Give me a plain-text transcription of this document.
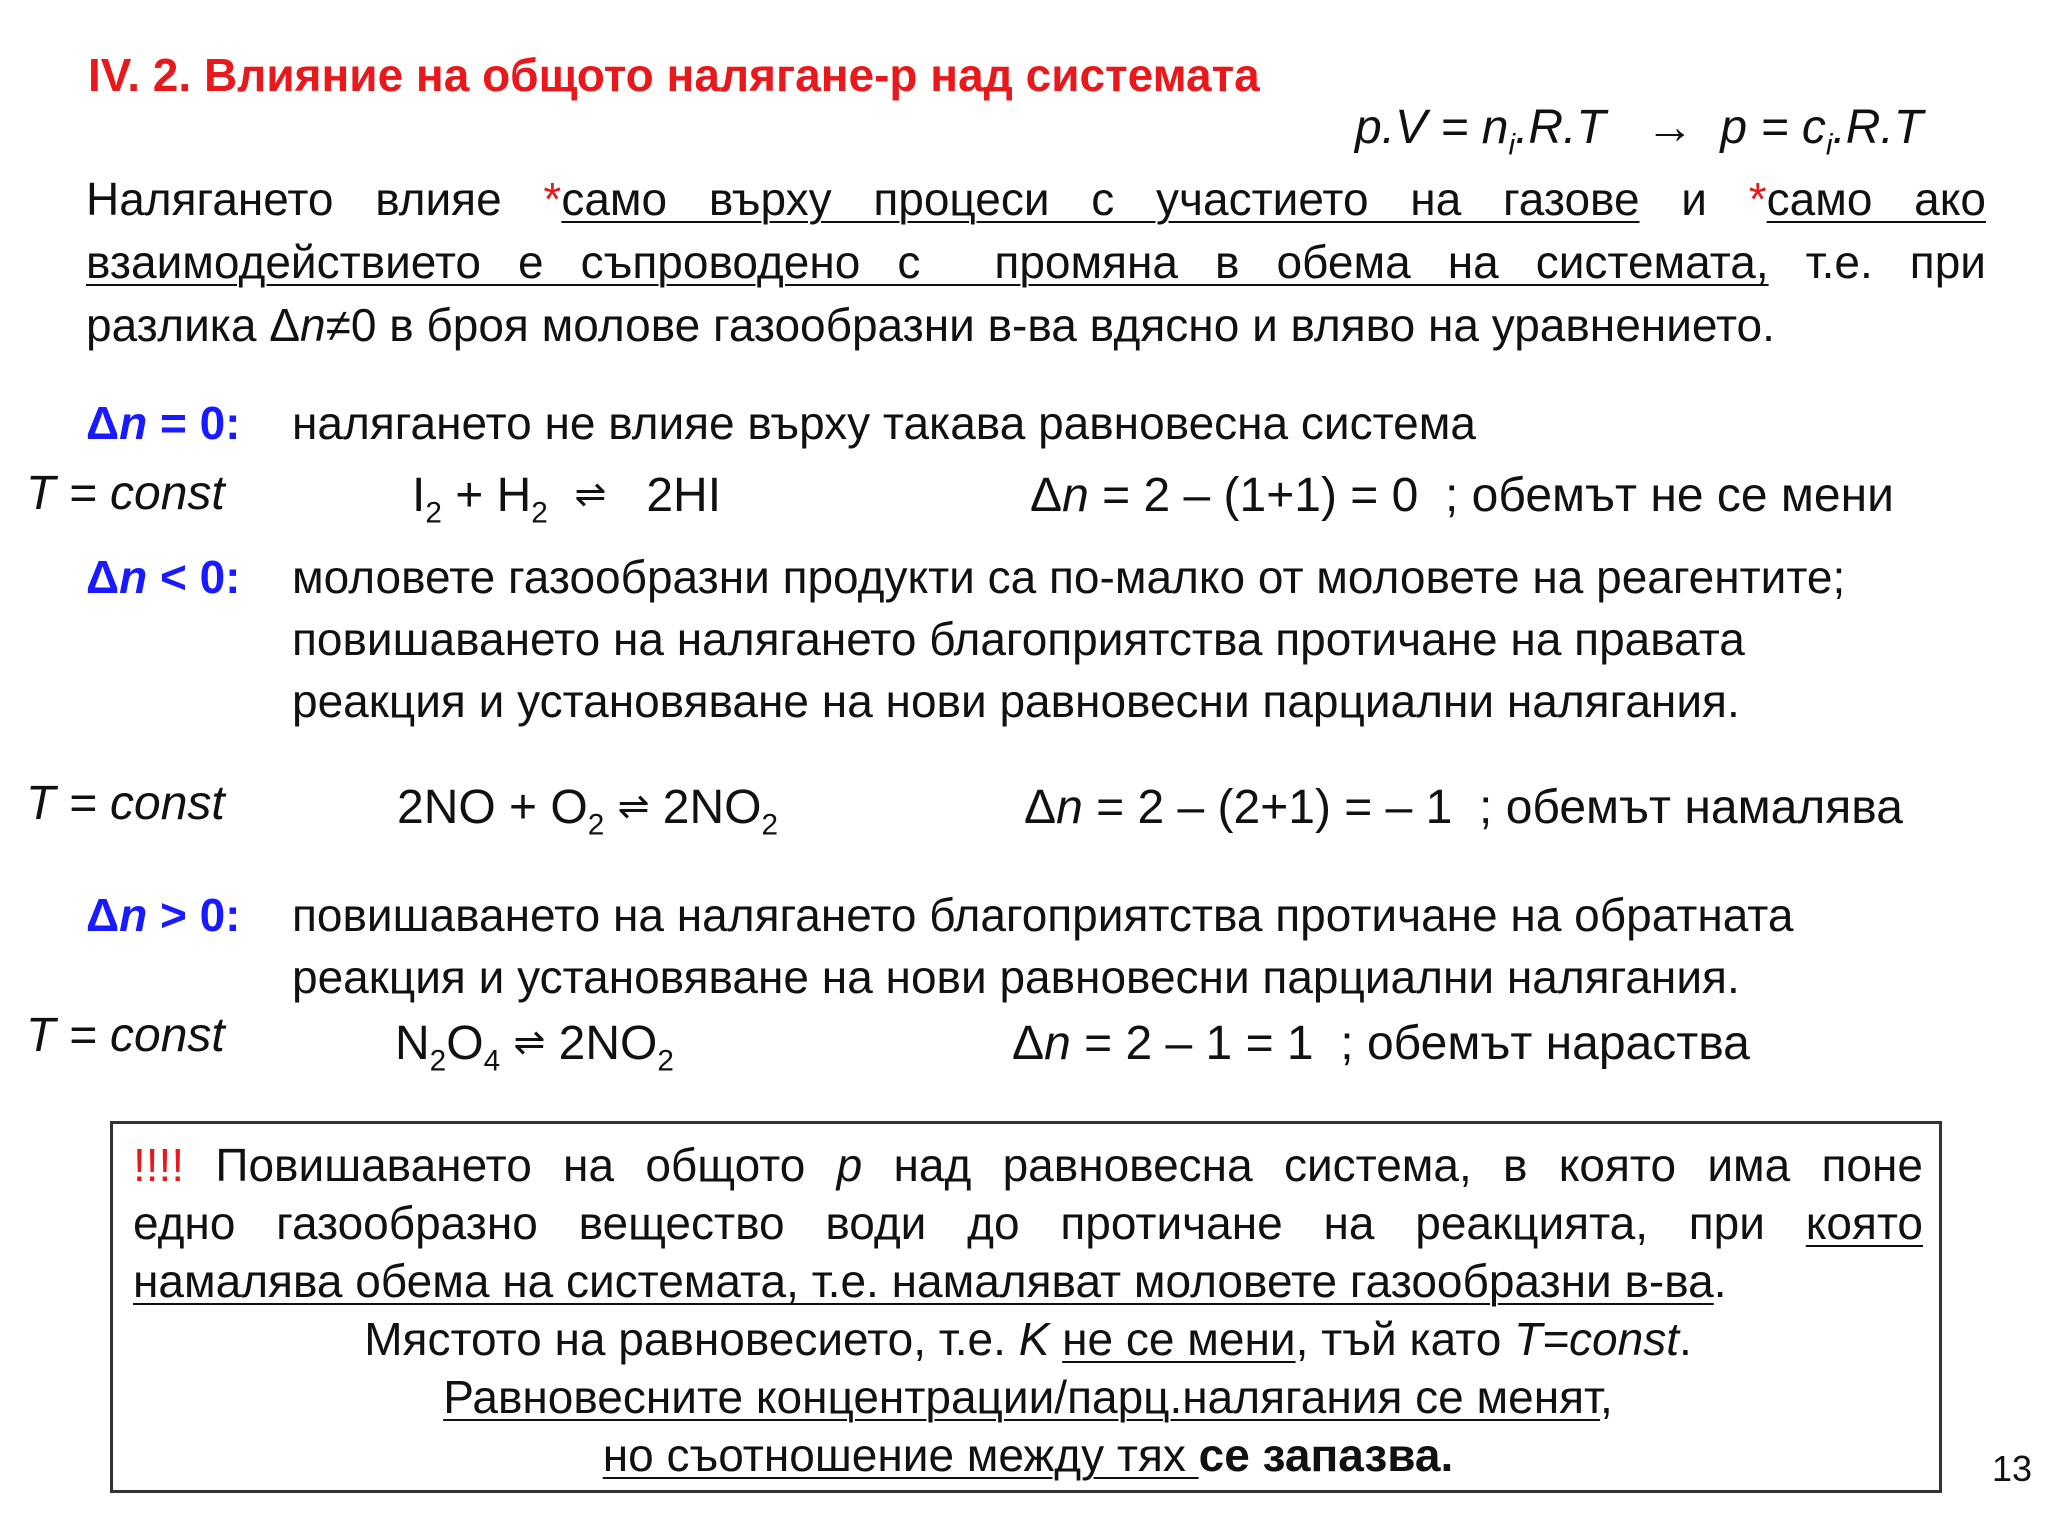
IV. 2. Влияние на общото налягане-р над системата
$p.V = n_i.R.T \to p = c_i.R.T$
Налягането влияе *само върху процеси с участието на газове и *само ако
взаимодействието е съпроводено с  промяна в обема на системата, т.е. при
разлика Δn≠0 в броя молове газообразни в-ва вдясно и вляво на уравнението.
Δn = 0: налягането не влияе върху такава равновесна система
T = const	$I_2 + H_2$ ⇌   2HI	Δn = 2 – (1+1) = 0  ; обемът не се мени
Δn < 0: моловете газообразни продукти са по-малко от моловете на реагентите;
повишаването на налягането благоприятства протичане на правата
реакция и установяване на нови равновесни парциални налягания.
T = const	$2NO + O_2$ ⇌ $2NO_2$	Δn = 2 – (2+1) = – 1  ; обемът намалява
Δn > 0: повишаването на налягането благоприятства протичане на обратната
реакция и установяване на нови равновесни парциални налягания.
T = const	$N_2O_4$ ⇌ $2NO_2$	Δn = 2 – 1 = 1  ; обемът нараства
!!!! Повишаването на общото p над равновесна система, в която има поне
едно газообразно вещество води до протичане на реакцията, при която
намалява обема на системата, т.е. намаляват моловете газообразни в-ва.
Мястото на равновесието, т.е. K не се мени, тъй като T=const.
Равновесните концентрации/парц.налягания се менят,
но съотношение между тях се запазва.	13
